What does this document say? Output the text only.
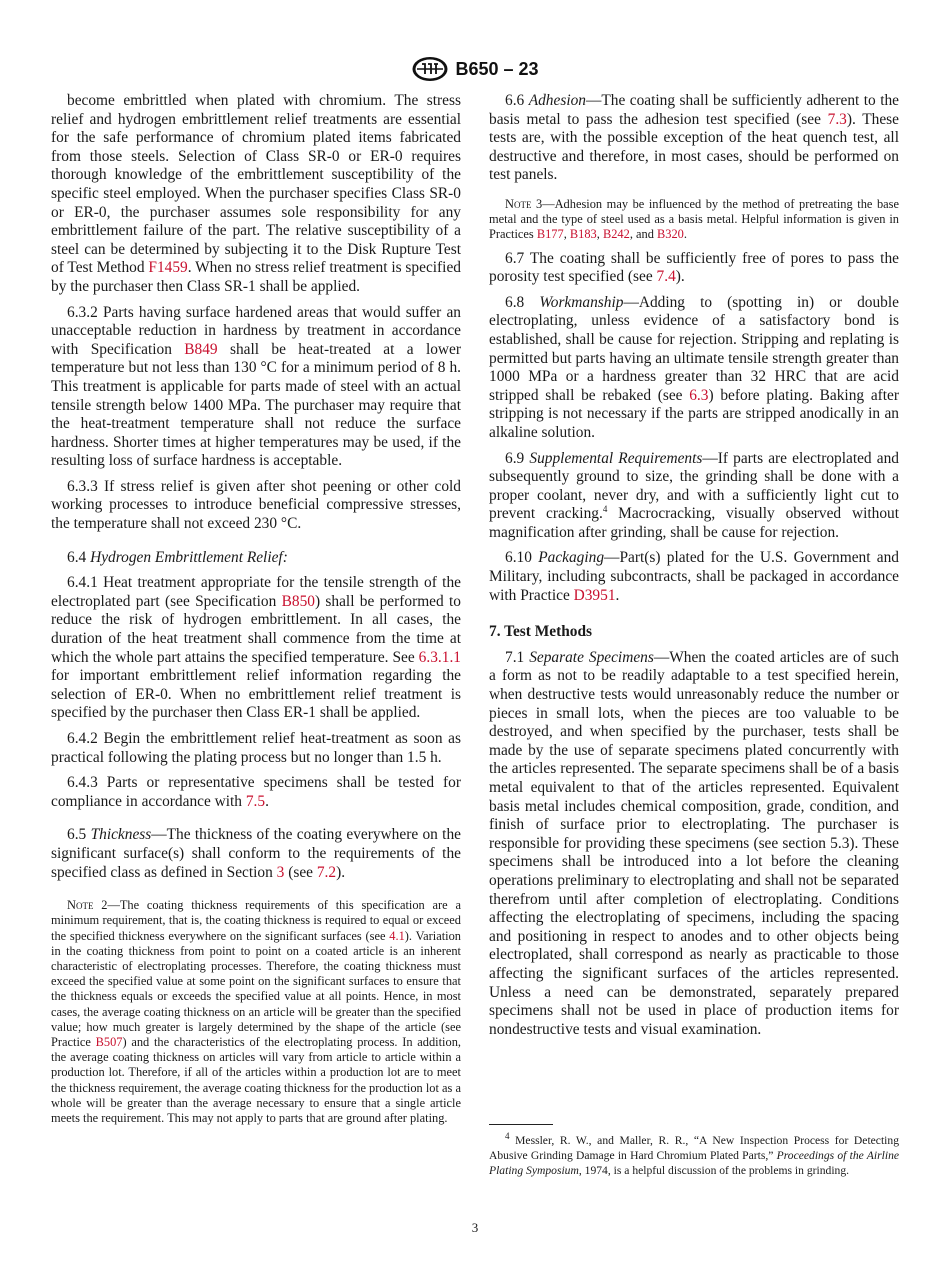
B650 – 23

become embrittled when plated with chromium. The stress relief and hydrogen embrittlement relief treatments are essential for the safe performance of chromium plated items fabricated from those steels. Selection of Class SR-0 or ER-0 requires thorough knowledge of the embrittlement susceptibility of the specific steel employed. When the purchaser specifies Class SR-0 or ER-0, the purchaser assumes sole responsibility for any embrittlement failure of the part. The relative susceptibility of a steel can be determined by subjecting it to the Disk Rupture Test of Test Method F1459. When no stress relief treatment is specified by the purchaser then Class SR-1 shall be applied.

6.3.2 Parts having surface hardened areas that would suffer an unacceptable reduction in hardness by treatment in accordance with Specification B849 shall be heat-treated at a lower temperature but not less than 130 °C for a minimum period of 8 h. This treatment is applicable for parts made of steel with an actual tensile strength below 1400 MPa. The purchaser may require that the heat-treatment temperature shall not reduce the surface hardness. Shorter times at higher temperatures may be used, if the resulting loss of surface hardness is acceptable.

6.3.3 If stress relief is given after shot peening or other cold working processes to introduce beneficial compressive stresses, the temperature shall not exceed 230 °C.

6.4 Hydrogen Embrittlement Relief:

6.4.1 Heat treatment appropriate for the tensile strength of the electroplated part (see Specification B850) shall be performed to reduce the risk of hydrogen embrittlement. In all cases, the duration of the heat treatment shall commence from the time at which the whole part attains the specified temperature. See 6.3.1.1 for important embrittlement relief information regarding the selection of ER-0. When no embrittlement relief treatment is specified by the purchaser then Class ER-1 shall be applied.

6.4.2 Begin the embrittlement relief heat-treatment as soon as practical following the plating process but no longer than 1.5 h.

6.4.3 Parts or representative specimens shall be tested for compliance in accordance with 7.5.

6.5 Thickness—The thickness of the coating everywhere on the significant surface(s) shall conform to the requirements of the specified class as defined in Section 3 (see 7.2).

Note 2—The coating thickness requirements of this specification are a minimum requirement, that is, the coating thickness is required to equal or exceed the specified thickness everywhere on the significant surfaces (see 4.1). Variation in the coating thickness from point to point on a coated article is an inherent characteristic of electroplating processes. Therefore, the coating thickness must exceed the specified value at some point on the significant surfaces to ensure that the thickness equals or exceeds the specified value at all points. Hence, in most cases, the average coating thickness on an article will be greater than the specified value; how much greater is largely determined by the shape of the article (see Practice B507) and the characteristics of the electroplating process. In addition, the average coating thickness on articles will vary from article to article within a production lot. Therefore, if all of the articles within a production lot are to meet the thickness requirement, the average coating thickness for the production lot as a whole will be greater than the average necessary to ensure that a single article meets the requirement. This may not apply to parts that are ground after plating.

6.6 Adhesion—The coating shall be sufficiently adherent to the basis metal to pass the adhesion test specified (see 7.3). These tests are, with the possible exception of the heat quench test, all destructive and therefore, in most cases, should be performed on test panels.

Note 3—Adhesion may be influenced by the method of pretreating the base metal and the type of steel used as a basis metal. Helpful information is given in Practices B177, B183, B242, and B320.

6.7 The coating shall be sufficiently free of pores to pass the porosity test specified (see 7.4).

6.8 Workmanship—Adding to (spotting in) or double electroplating, unless evidence of a satisfactory bond is established, shall be cause for rejection. Stripping and replating is permitted but parts having an ultimate tensile strength greater than 1000 MPa or a hardness greater than 32 HRC that are acid stripped shall be rebaked (see 6.3) before plating. Baking after stripping is not necessary if the parts are stripped anodically in an alkaline solution.

6.9 Supplemental Requirements—If parts are electroplated and subsequently ground to size, the grinding shall be done with a proper coolant, never dry, and with a sufficiently light cut to prevent cracking.$^4$ Macrocracking, visually observed without magnification after grinding, shall be cause for rejection.

6.10 Packaging—Part(s) plated for the U.S. Government and Military, including subcontracts, shall be packaged in accordance with Practice D3951.

7. Test Methods

7.1 Separate Specimens—When the coated articles are of such a form as not to be readily adaptable to a test specified herein, when destructive tests would unreasonably reduce the number or pieces in small lots, when the pieces are too valuable to be destroyed, and when specified by the purchaser, tests shall be made by the use of separate specimens plated concurrently with the articles represented. The separate specimens shall be of a basis metal equivalent to that of the articles represented. Equivalent basis metal includes chemical composition, grade, condition, and finish of surface prior to electroplating. The purchaser is responsible for providing these specimens (see section 5.3). These specimens shall be introduced into a lot before the cleaning operations preliminary to electroplating and shall not be separated therefrom until after completion of electroplating. Conditions affecting the electroplating of specimens, including the spacing and positioning in respect to anodes and to other objects being electroplated, shall correspond as nearly as practicable to those affecting the significant surfaces of the articles represented. Unless a need can be demonstrated, separately prepared specimens shall not be used in place of production items for nondestructive tests and visual examination.

$^4$ Messler, R. W., and Maller, R. R., “A New Inspection Process for Detecting Abusive Grinding Damage in Hard Chromium Plated Parts,” Proceedings of the Airline Plating Symposium, 1974, is a helpful discussion of the problems in grinding.

3
